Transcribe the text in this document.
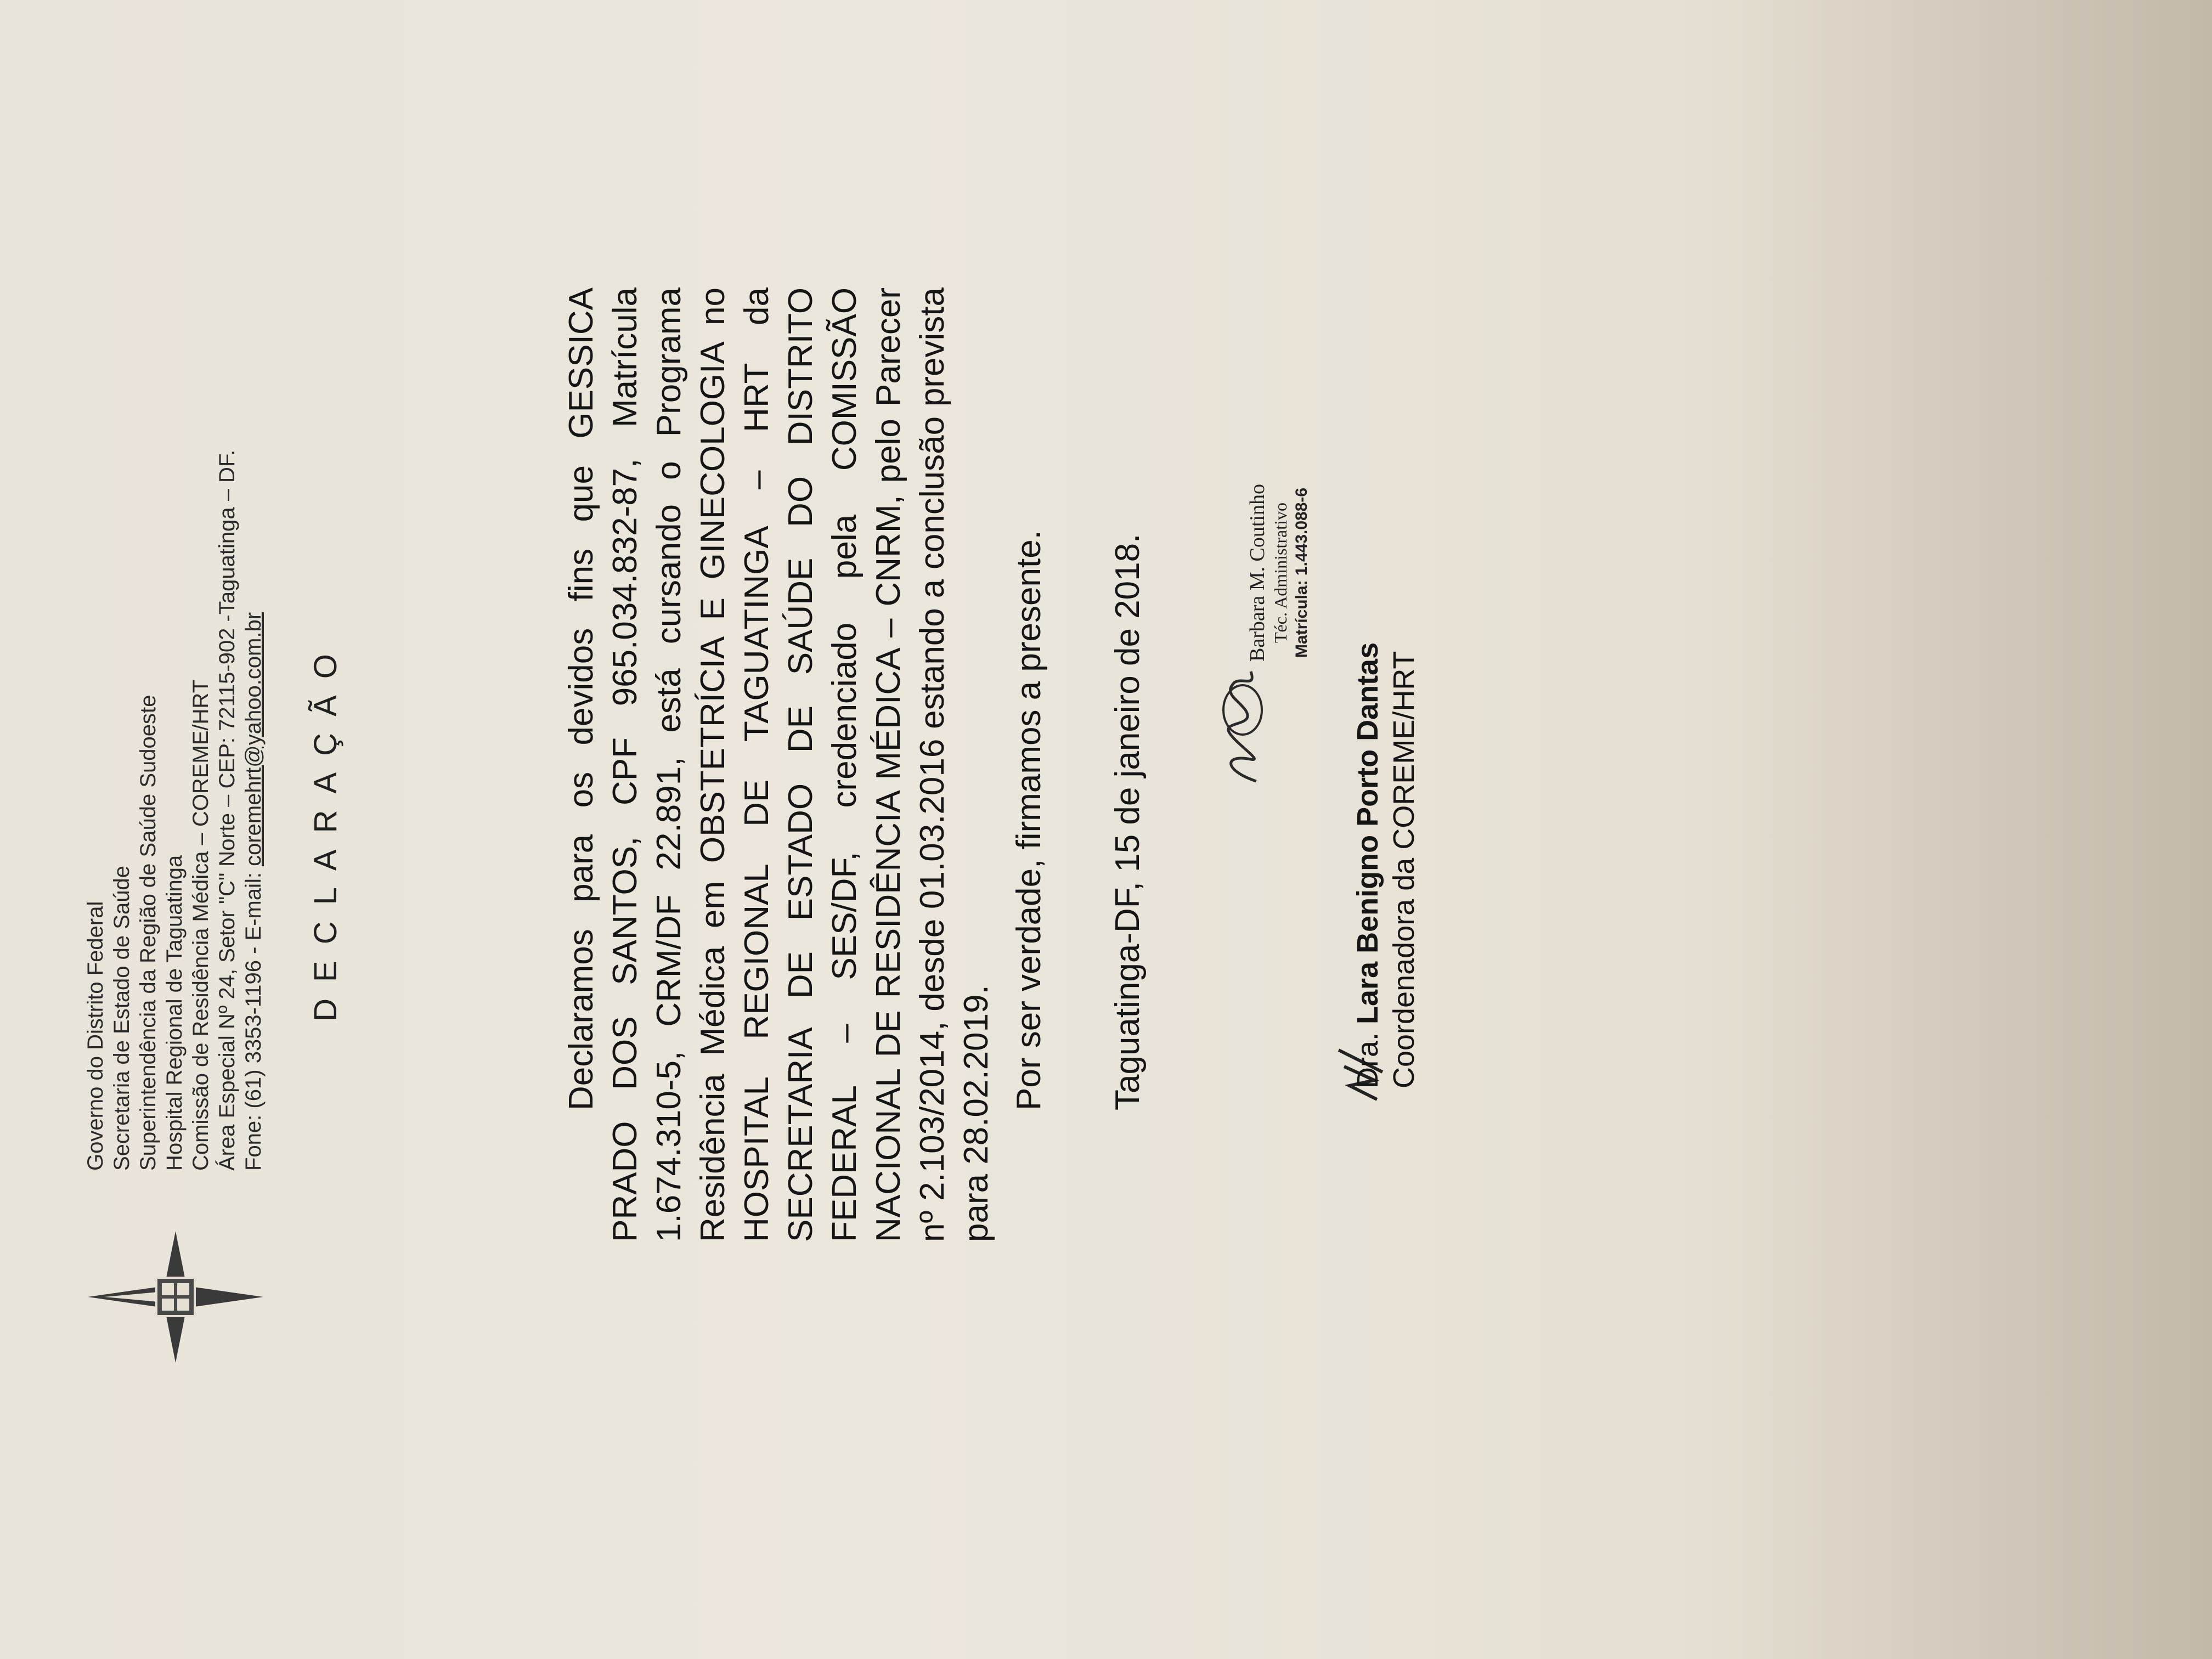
Governo do Distrito Federal Secretaria de Estado de Saúde Superintendência da Região de Saúde Sudoeste Hospital Regional de Taguatinga Comissão de Residência Médica – COREME/HRT Área Especial Nº 24, Setor "C" Norte – CEP: 72115-902 -Taguatinga – DF. Fone: (61) 3353-1196 - E-mail: coremehrt@yahoo.com.br DECLARAÇÃO	Declaramos para os devidos fins que GESSICA PRADO DOS SANTOS, CPF 965.034.832-87, Matrícula 1.674.310-5, CRM/DF 22.891, está cursando o Programa Residência Médica em OBSTETRÍCIA E GINECOLOGIA no HOSPITAL REGIONAL DE TAGUATINGA – HRT da SECRETARIA DE ESTADO DE SAÚDE DO DISTRITO FEDERAL – SES/DF, credenciado pela COMISSÃO NACIONAL DE RESIDÊNCIA MÉDICA – CNRM, pelo Parecer nº 2.103/2014, desde 01.03.2016 estando a conclusão prevista para 28.02.2019.
Por ser verdade, firmamos a presente. Taguatinga-DF, 15 de janeiro de 2018.	Barbara M. Coutinho Téc. Administrativo Matrícula: 1.443.088-6
Dra. Lara Benigno Porto Dantas Coordenadora da COREME/HRT
